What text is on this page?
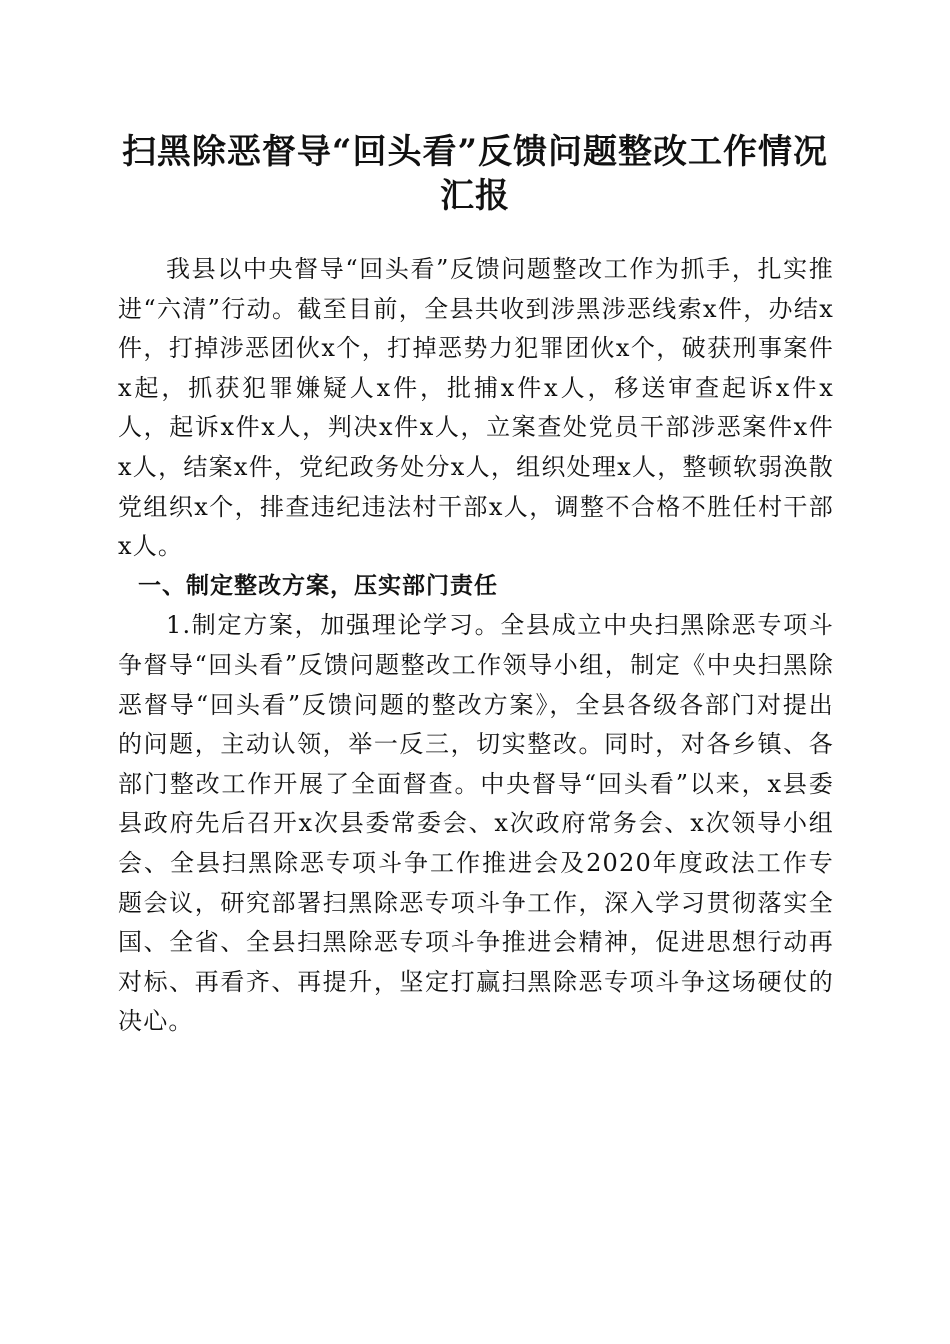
扫黑除恶督导“回头看”反馈问题整改工作情况汇报

我县以中央督导“回头看”反馈问题整改工作为抓手，扎实推进“六清”行动。截至目前，全县共收到涉黑涉恶线索x件，办结x件，打掉涉恶团伙x个，打掉恶势力犯罪团伙x个，破获刑事案件x起，抓获犯罪嫌疑人x件，批捕x件x人，移送审查起诉x件x人，起诉x件x人，判决x件x人，立案查处党员干部涉恶案件x件x人，结案x件，党纪政务处分x人，组织处理x人，整顿软弱涣散党组织x个，排查违纪违法村干部x人，调整不合格不胜任村干部x人。

一、制定整改方案，压实部门责任

1.制定方案，加强理论学习。全县成立中央扫黑除恶专项斗争督导“回头看”反馈问题整改工作领导小组，制定《中央扫黑除恶督导“回头看”反馈问题的整改方案》，全县各级各部门对提出的问题，主动认领，举一反三，切实整改。同时，对各乡镇、各部门整改工作开展了全面督查。中央督导“回头看”以来，x县委县政府先后召开x次县委常委会、x次政府常务会、x次领导小组会、全县扫黑除恶专项斗争工作推进会及2020年度政法工作专题会议，研究部署扫黑除恶专项斗争工作，深入学习贯彻落实全国、全省、全县扫黑除恶专项斗争推进会精神，促进思想行动再对标、再看齐、再提升，坚定打赢扫黑除恶专项斗争这场硬仗的决心。
